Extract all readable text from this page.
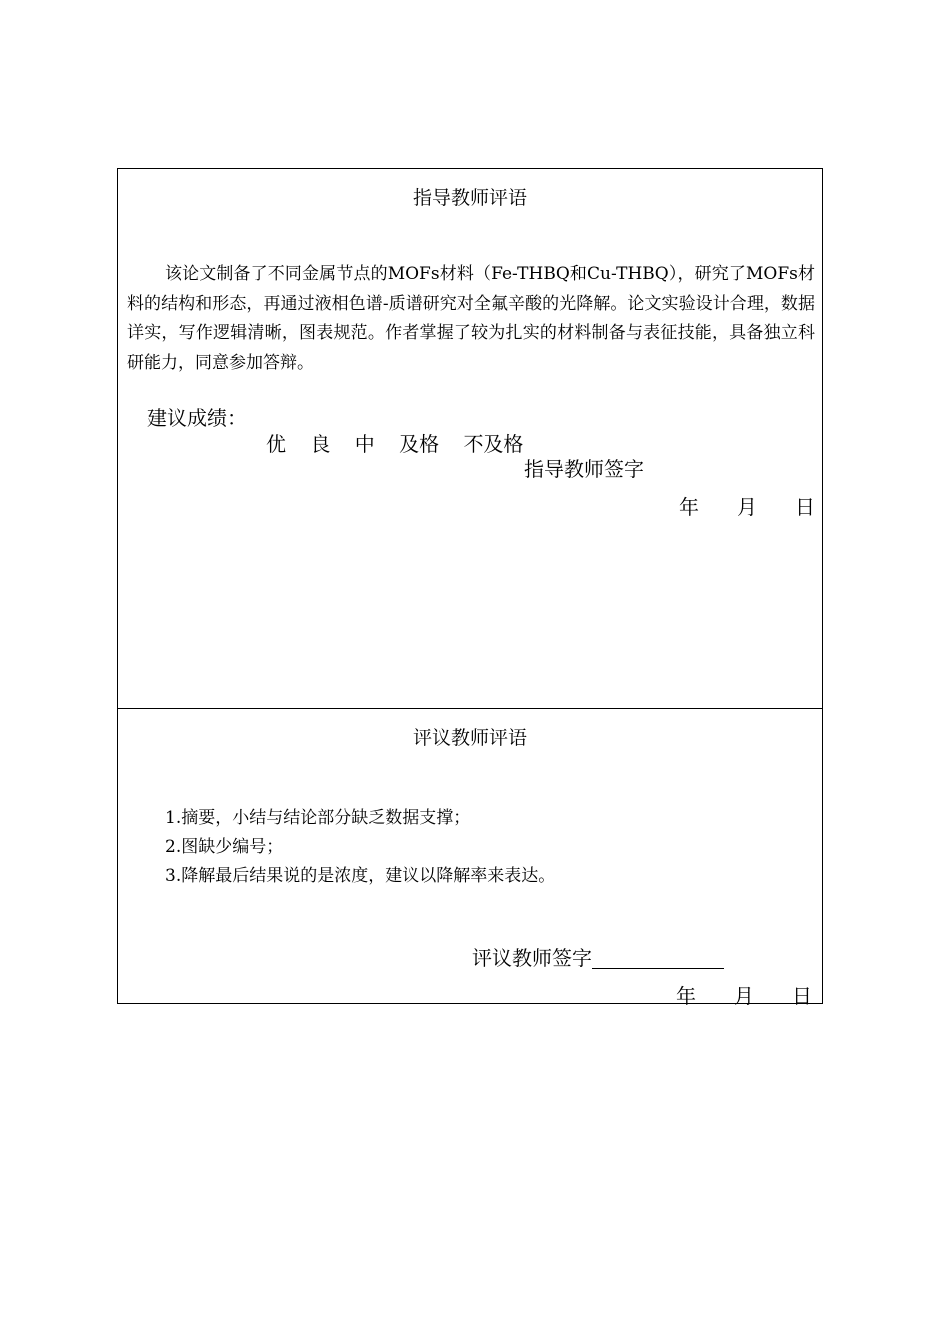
指导教师评语
该论文制备了不同金属节点的MOFs材料（Fe-THBQ和Cu-THBQ），研究了MOFs材料的结构和形态，再通过液相色谱-质谱研究对全氟辛酸的光降解。论文实验设计合理，数据详实，写作逻辑清晰，图表规范。作者掌握了较为扎实的材料制备与表征技能，具备独立科研能力，同意参加答辩。
建议成绩：
优 良 中 及格 不及格
指导教师签字
年 月 日
评议教师评语
1.摘要，小结与结论部分缺乏数据支撑；
2.图缺少编号；
3.降解最后结果说的是浓度，建议以降解率来表达。
评议教师签字
年 月 日
